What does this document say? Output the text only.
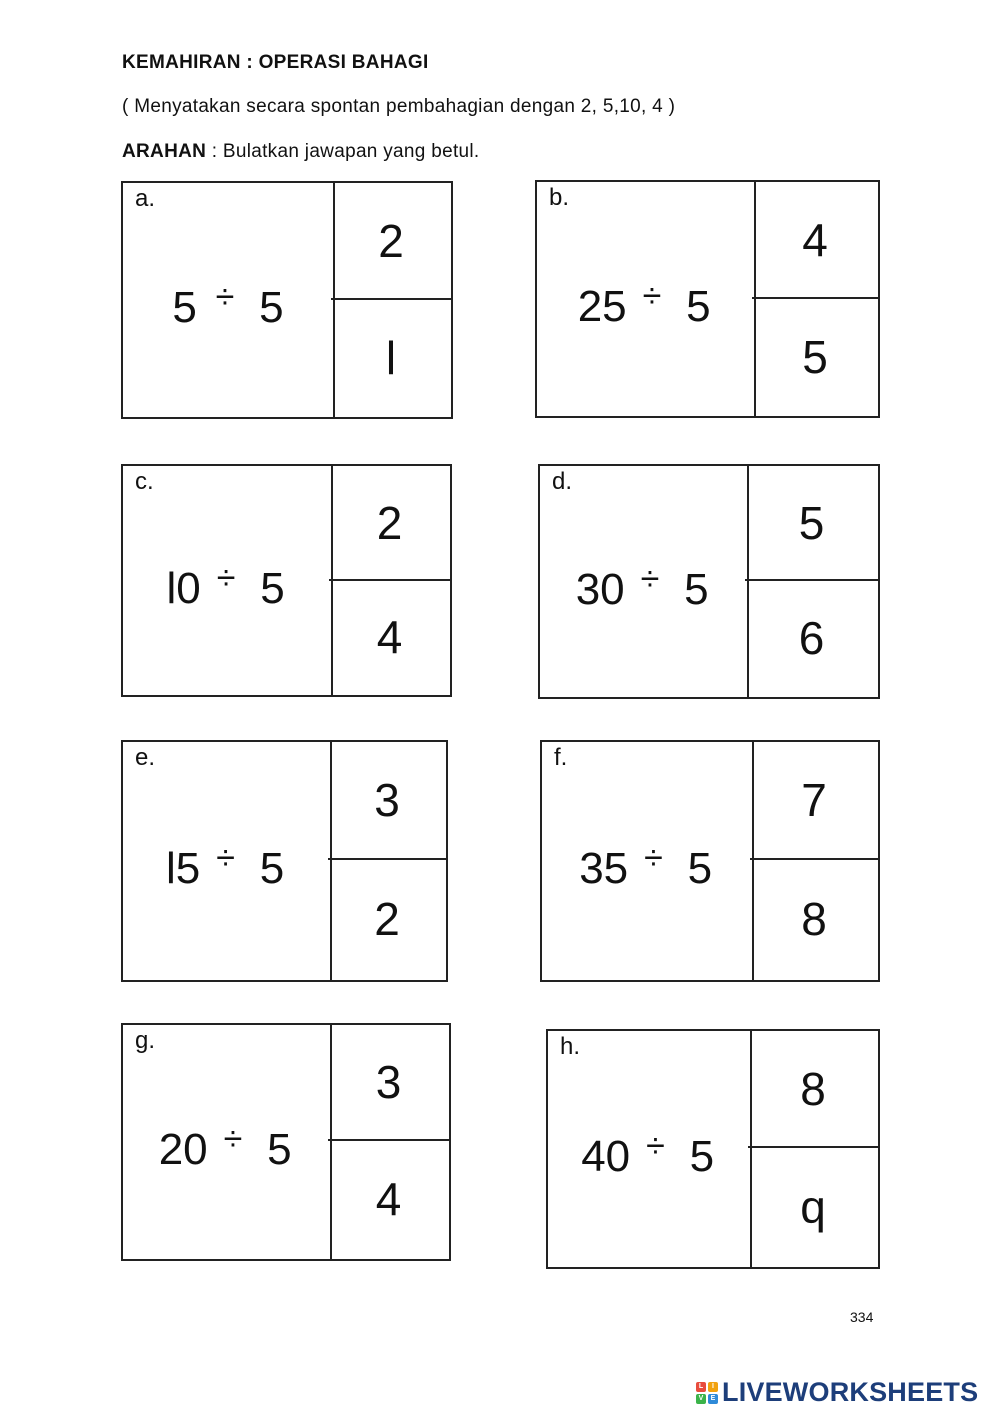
KEMAHIRAN : OPERASI BAHAGI
( Menyatakan secara spontan pembahagian dengan 2, 5,10, 4 )
ARAHAN : Bulatkan jawapan yang betul.
a.
5 ÷ 5
2
l
b.
25 ÷ 5
4
5
c.
l0 ÷ 5
2
4
d.
30 ÷ 5
5
6
e.
l5 ÷ 5
3
2
f.
35 ÷ 5
7
8
g.
20 ÷ 5
3
4
h.
40 ÷ 5
8
q
334
L	I
V	E LIVEWORKSHEETS
